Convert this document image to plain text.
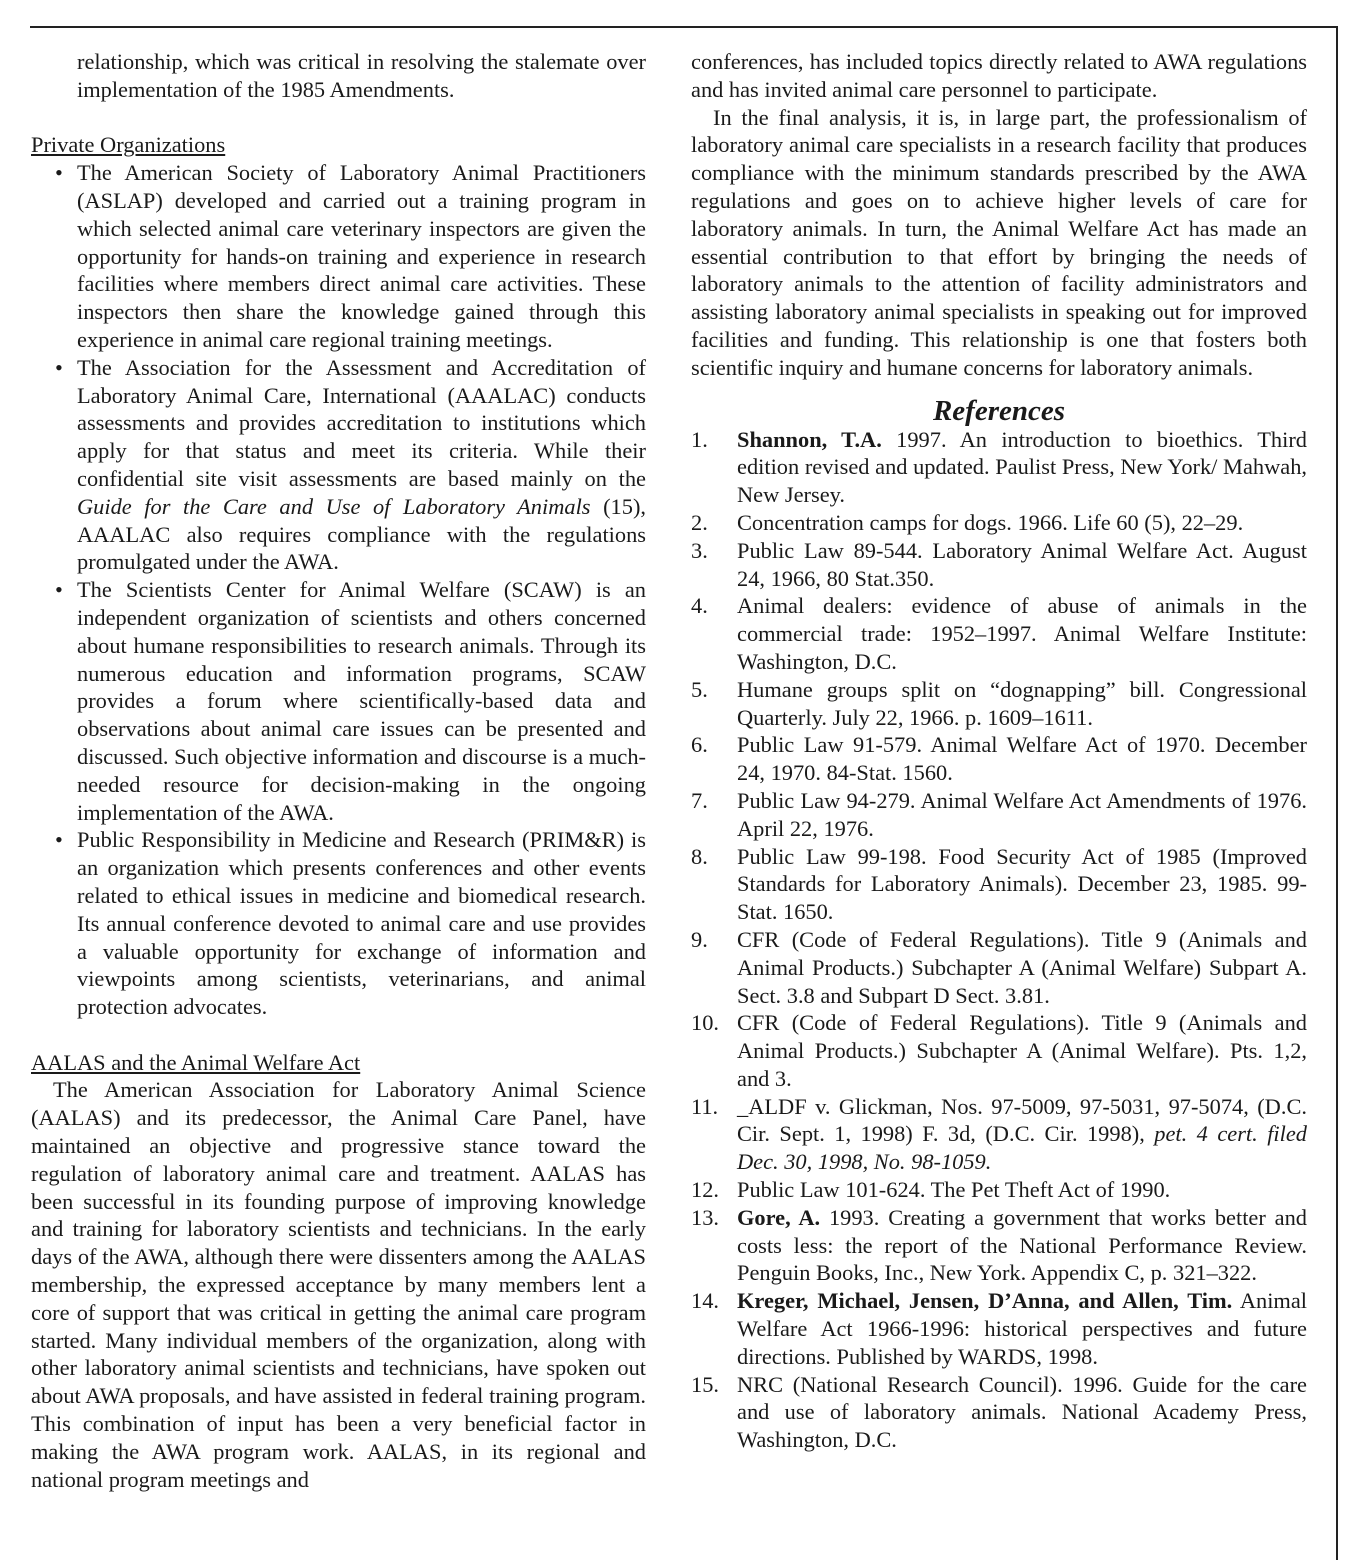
relationship, which was critical in resolving the stalemate over implementation of the 1985 Amendments.

Private Organizations

• The American Society of Laboratory Animal Practitioners (ASLAP) developed and carried out a training program in which selected animal care veterinary inspectors are given the opportunity for hands-on training and experience in research facilities where members direct animal care activities. These inspectors then share the knowledge gained through this experience in animal care regional training meetings.
• The Association for the Assessment and Accreditation of Laboratory Animal Care, International (AAALAC) conducts assessments and provides accreditation to institutions which apply for that status and meet its criteria. While their confidential site visit assessments are based mainly on the Guide for the Care and Use of Laboratory Animals (15), AAALAC also requires compliance with the regulations promulgated under the AWA.
• The Scientists Center for Animal Welfare (SCAW) is an independent organization of scientists and others concerned about humane responsibilities to research animals. Through its numerous education and information programs, SCAW provides a forum where scientifically-based data and observations about animal care issues can be presented and discussed. Such objective information and discourse is a much-needed resource for decision-making in the ongoing implementation of the AWA.
• Public Responsibility in Medicine and Research (PRIM&R) is an organization which presents conferences and other events related to ethical issues in medicine and biomedical research. Its annual conference devoted to animal care and use provides a valuable opportunity for exchange of information and viewpoints among scientists, veterinarians, and animal protection advocates.

AALAS and the Animal Welfare Act

The American Association for Laboratory Animal Science (AALAS) and its predecessor, the Animal Care Panel, have maintained an objective and progressive stance toward the regulation of laboratory animal care and treatment. AALAS has been successful in its founding purpose of improving knowledge and training for laboratory scientists and technicians. In the early days of the AWA, although there were dissenters among the AALAS membership, the expressed acceptance by many members lent a core of support that was critical in getting the animal care program started. Many individual members of the organization, along with other laboratory animal scientists and technicians, have spoken out about AWA proposals, and have assisted in federal training program. This combination of input has been a very beneficial factor in making the AWA program work. AALAS, in its regional and national program meetings and

conferences, has included topics directly related to AWA regulations and has invited animal care personnel to participate.

In the final analysis, it is, in large part, the professionalism of laboratory animal care specialists in a research facility that produces compliance with the minimum standards prescribed by the AWA regulations and goes on to achieve higher levels of care for laboratory animals. In turn, the Animal Welfare Act has made an essential contribution to that effort by bringing the needs of laboratory animals to the attention of facility administrators and assisting laboratory animal specialists in speaking out for improved facilities and funding. This relationship is one that fosters both scientific inquiry and humane concerns for laboratory animals.

References
1. Shannon, T.A. 1997. An introduction to bioethics. Third edition revised and updated. Paulist Press, New York/ Mahwah, New Jersey.
2. Concentration camps for dogs. 1966. Life 60 (5), 22–29.
3. Public Law 89-544. Laboratory Animal Welfare Act. August 24, 1966, 80 Stat.350.
4. Animal dealers: evidence of abuse of animals in the commercial trade: 1952–1997. Animal Welfare Institute: Washington, D.C.
5. Humane groups split on “dognapping” bill. Congressional Quarterly. July 22, 1966. p. 1609–1611.
6. Public Law 91-579. Animal Welfare Act of 1970. December 24, 1970. 84-Stat. 1560.
7. Public Law 94-279. Animal Welfare Act Amendments of 1976. April 22, 1976.
8. Public Law 99-198. Food Security Act of 1985 (Improved Standards for Laboratory Animals). December 23, 1985. 99-Stat. 1650.
9. CFR (Code of Federal Regulations). Title 9 (Animals and Animal Products.) Subchapter A (Animal Welfare) Subpart A. Sect. 3.8 and Subpart D Sect. 3.81.
10. CFR (Code of Federal Regulations). Title 9 (Animals and Animal Products.) Subchapter A (Animal Welfare). Pts. 1,2, and 3.
11. _ALDF v. Glickman, Nos. 97-5009, 97-5031, 97-5074, (D.C. Cir. Sept. 1, 1998) F. 3d, (D.C. Cir. 1998), pet. 4 cert. filed Dec. 30, 1998, No. 98-1059.
12. Public Law 101-624. The Pet Theft Act of 1990.
13. Gore, A. 1993. Creating a government that works better and costs less: the report of the National Performance Review. Penguin Books, Inc., New York. Appendix C, p. 321–322.
14. Kreger, Michael, Jensen, D’Anna, and Allen, Tim. Animal Welfare Act 1966-1996: historical perspectives and future directions. Published by WARDS, 1998.
15. NRC (National Research Council). 1996. Guide for the care and use of laboratory animals. National Academy Press, Washington, D.C.
